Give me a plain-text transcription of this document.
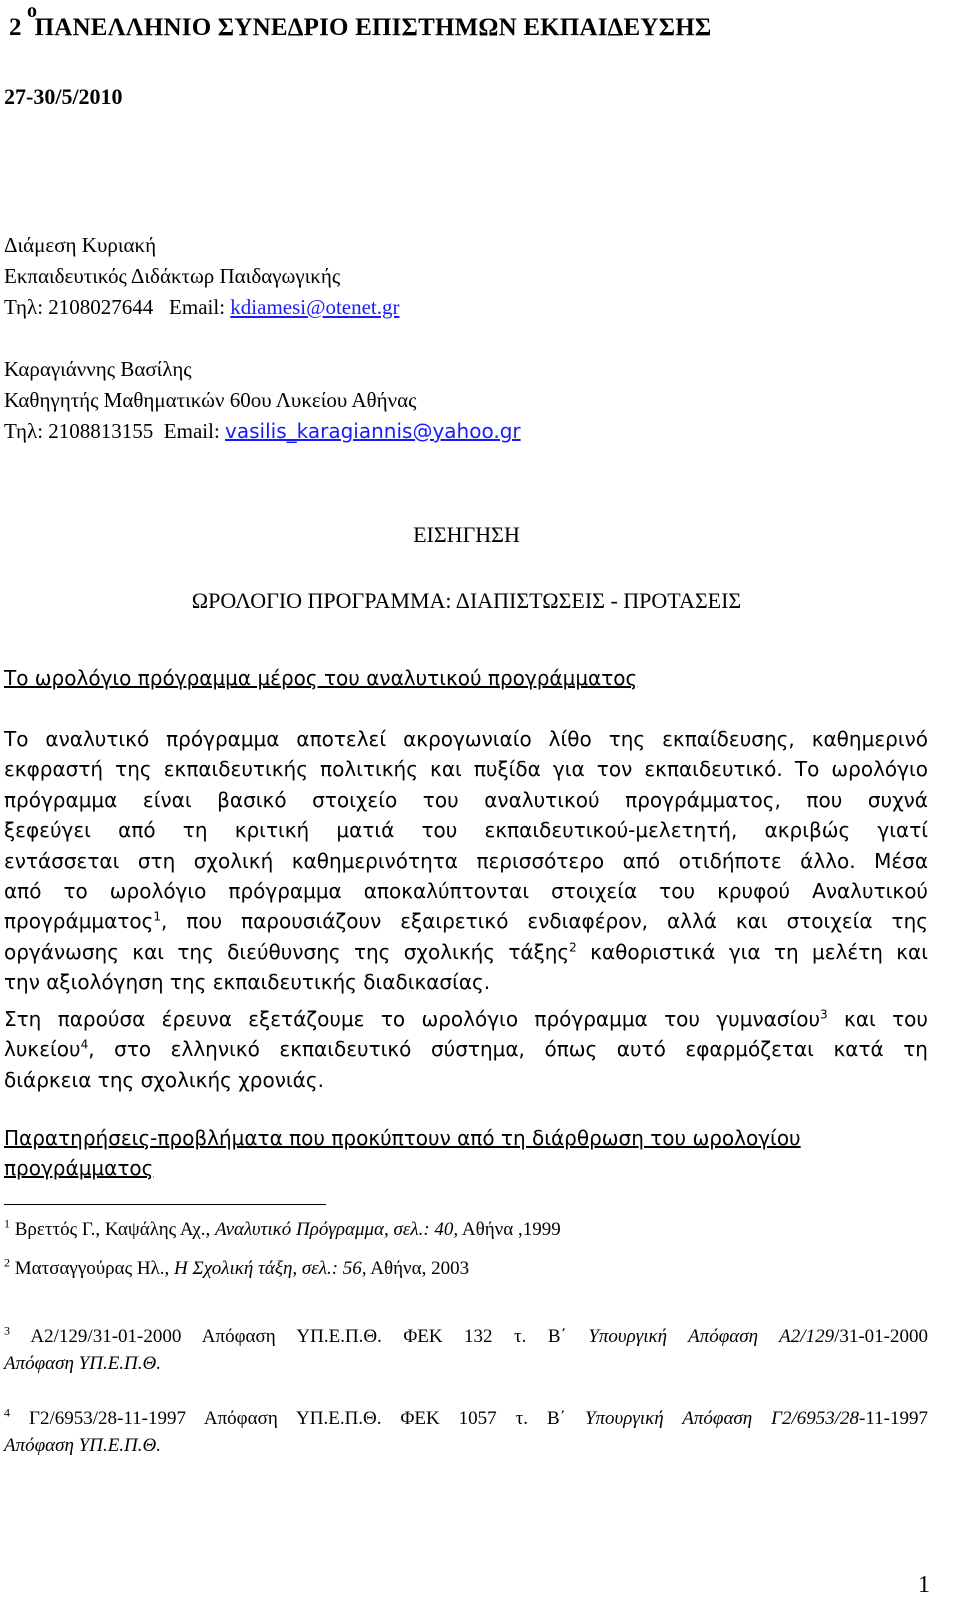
ο
2 ΠΑΝΕΛΛΗΝΙΟ ΣΥΝΕΔΡΙΟ ΕΠΙΣΤΗΜΩΝ ΕΚΠΑΙΔΕΥΣΗΣ
27-30/5/2010
Διάμεση Κυριακή
Εκπαιδευτικός Διδάκτωρ Παιδαγωγικής
Τηλ: 2108027644   Email: kdiamesi@otenet.gr
Καραγιάννης Βασίλης
Καθηγητής Μαθηματικών 60ου Λυκείου Αθήνας
Τηλ: 2108813155  Email: vasilis_karagiannis@yahoo.gr
ΕΙΣΗΓΗΣΗ
ΩΡΟΛΟΓΙΟ ΠΡΟΓΡΑΜΜΑ: ΔΙΑΠΙΣΤΩΣΕΙΣ - ΠΡΟΤΑΣΕΙΣ
Το ωρολόγιο πρόγραμμα μέρος του αναλυτικού προγράμματος
Το αναλυτικό πρόγραμμα αποτελεί ακρογωνιαίο λίθο της εκπαίδευσης, καθημερινό
εκφραστή της εκπαιδευτικής πολιτικής και πυξίδα για τον εκπαιδευτικό. Το ωρολόγιο
πρόγραμμα είναι βασικό στοιχείο του αναλυτικού προγράμματος, που συχνά
ξεφεύγει από τη κριτική ματιά του εκπαιδευτικού-μελετητή, ακριβώς γιατί
εντάσσεται στη σχολική καθημερινότητα περισσότερο από οτιδήποτε άλλο. Μέσα
από το ωρολόγιο πρόγραμμα αποκαλύπτονται στοιχεία του κρυφού Αναλυτικού
προγράμματος$^1$, που παρουσιάζουν εξαιρετικό ενδιαφέρον, αλλά και στοιχεία της
οργάνωσης και της διεύθυνσης της σχολικής τάξης$^2$ καθοριστικά για τη μελέτη και
την αξιολόγηση της εκπαιδευτικής διαδικασίας.
Στη παρούσα έρευνα εξετάζουμε το ωρολόγιο πρόγραμμα του γυμνασίου$^3$ και του
λυκείου$^4$, στο ελληνικό εκπαιδευτικό σύστημα, όπως αυτό εφαρμόζεται κατά τη
διάρκεια της σχολικής χρονιάς.
Παρατηρήσεις-προβλήματα που προκύπτουν από τη διάρθρωση του ωρολογίου
προγράμματος
$^1$ Βρεττός Γ., Καψάλης Αχ., Αναλυτικό Πρόγραμμα, σελ.: 40, Αθήνα ,1999
$^2$ Ματσαγγούρας Ηλ., Η Σχολική τάξη, σελ.: 56, Αθήνα, 2003
$^3$ Α2/129/31-01-2000 Απόφαση ΥΠ.Ε.Π.Θ. ΦΕΚ 132 τ. Β΄ Υπουργική Απόφαση Α2/129/31-01-2000
Απόφαση ΥΠ.Ε.Π.Θ.
$^4$ Γ2/6953/28-11-1997 Απόφαση ΥΠ.Ε.Π.Θ. ΦΕΚ 1057 τ. Β΄ Υπουργική Απόφαση Γ2/6953/28-11-1997
Απόφαση ΥΠ.Ε.Π.Θ.
1
